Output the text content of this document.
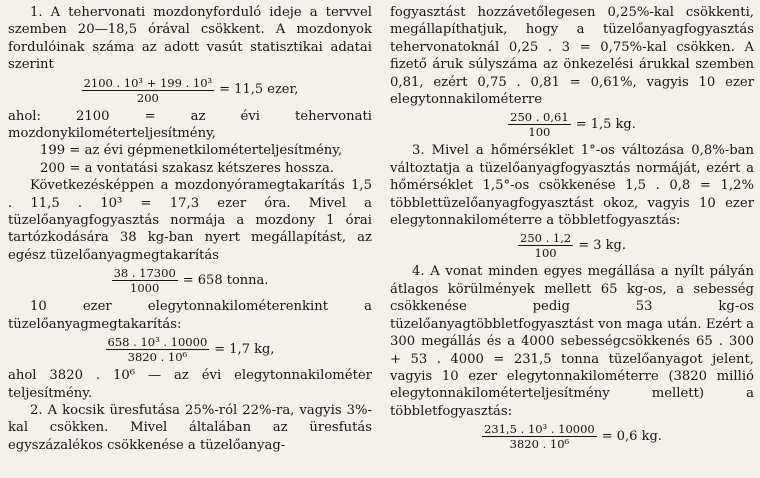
1. A tehervonati mozdonyforduló ideje a tervvel szemben 20—18,5 órával csökkent. A mozdonyok fordulóinak száma az adott vasút statisztikai adatai szerint

$\frac{\text{2100 . 10³ + 199 . 10³}}{200} = 11,5$ ezer,

ahol: 2100 = az évi tehervonati mozdonykilométerteljesítmény,

199 = az évi gépmenetkilométerteljesítmény,

200 = a vontatási szakasz kétszeres hossza.

Következésképpen a mozdonyóramegtakarítás 1,5 . 11,5 . 10³ = 17,3 ezer óra. Mivel a tüzelőanyagfogyasztás normája a mozdony 1 órai tartózkodására 38 kg-ban nyert megállapítást, az egész tüzelőanyagmegtakarítás

$\frac{38 . 17300}{1000} = 658$ tonna.

10 ezer elegytonnakilométerenkint a tüzelőanyagmegtakarítás:

$\frac{\text{658 . 10³ . 10000}}{\text{3820 . 10⁶}} = 1,7$ kg,

ahol 3820 . 10⁶ — az évi elegytonnakilométer teljesítmény.

2. A kocsik üresfutása 25%-ról 22%-ra, vagyis 3%-kal csökken. Mivel általában az üresfutás egyszázalékos csökkenése a tüzelőanyag-

fogyasztást hozzávetőlegesen 0,25%-kal csökkenti, megállapíthatjuk, hogy a tüzelőanyagfogyasztás tehervonatoknál 0,25 . 3 = 0,75%-kal csökken. A fizető áruk súlyszáma az önkezelési árukkal szemben 0,81, ezért 0,75 . 0,81 = 0,61%, vagyis 10 ezer elegytonnakilométerre

$\frac{250 . 0,61}{100} = 1,5$ kg.

3. Mivel a hőmérséklet 1°-os változása 0,8%-ban változtatja a tüzelőanyagfogyasztás normáját, ezért a hőmérséklet 1,5°-os csökkenése 1,5 . 0,8 = 1,2% többlettüzelőanyagfogyasztást okoz, vagyis 10 ezer elegytonnakilométerre a többletfogyasztás:

$\frac{250 . 1,2}{100} = 3$ kg.

4. A vonat minden egyes megállása a nyílt pályán átlagos körülmények mellett 65 kg-os, a sebesség csökkenése pedig 53 kg-os tüzelőanyagtöbbletfogyasztást von maga után. Ezért a 300 megállás és a 4000 sebességcsökkenés 65 . 300 + 53 . 4000 = 231,5 tonna tüzelőanyagot jelent, vagyis 10 ezer elegytonnakilométerre (3820 millió elegytonnakilométerteljesítmény mellett) a többletfogyasztás:

$\frac{\text{231,5 . 10³ . 10000}}{\text{3820 . 10⁶}} = 0,6$ kg.
